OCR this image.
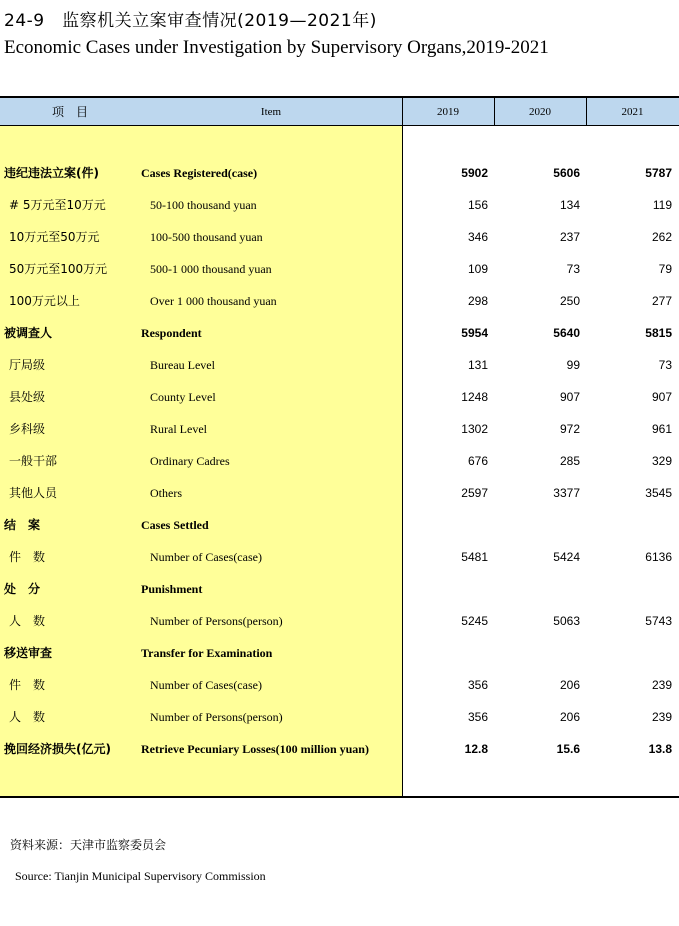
24-9　监察机关立案审查情况(2019—2021年)
Economic Cases under Investigation by Supervisory Organs,2019-2021
项　目	Item	2019	2020	2021
违纪违法立案(件)	Cases Registered(case)	5902	5606	5787
# 5万元至10万元	50-100 thousand yuan	156	134	119
10万元至50万元	100-500 thousand yuan	346	237	262
50万元至100万元	500-1 000 thousand yuan	109	73	79
100万元以上	Over 1 000 thousand yuan	298	250	277
被调查人	Respondent	5954	5640	5815
厅局级	Bureau Level	131	99	73
县处级	County Level	1248	907	907
乡科级	Rural Level	1302	972	961
一般干部	Ordinary Cadres	676	285	329
其他人员	Others	2597	3377	3545
结　案	Cases Settled
件　数	Number of Cases(case)	5481	5424	6136
处　分	Punishment
人　数	Number of Persons(person)	5245	5063	5743
移送审查	Transfer for Examination
件　数	Number of Cases(case)	356	206	239
人　数	Number of Persons(person)	356	206	239
挽回经济损失(亿元)	Retrieve Pecuniary Losses(100 million yuan)	12.8	15.6	13.8
资料来源：天津市监察委员会
Source: Tianjin Municipal Supervisory Commission
